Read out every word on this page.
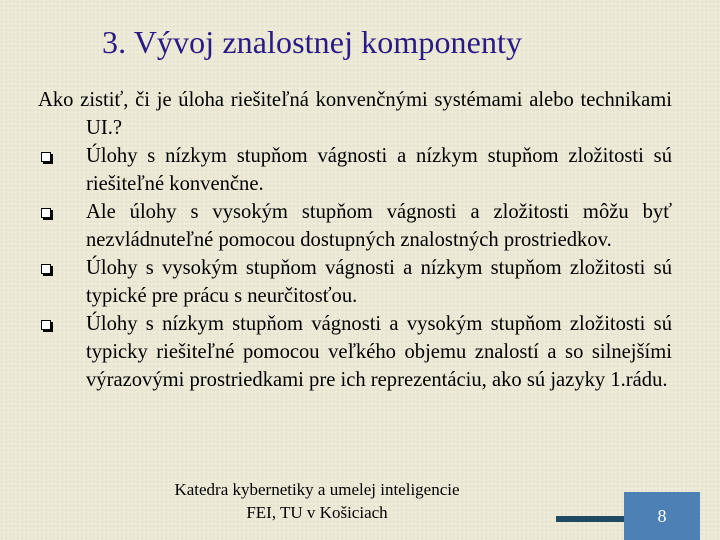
3. Vývoj znalostnej komponenty
Ako zistiť, či je úloha riešiteľná konvenčnými systémami alebo technikami UI.?
Úlohy s nízkym stupňom vágnosti a nízkym stupňom zložitosti sú riešiteľné konvenčne.
Ale úlohy s vysokým stupňom vágnosti a zložitosti môžu byť nezvládnuteľné pomocou dostupných znalostných prostriedkov.
Úlohy s vysokým stupňom vágnosti a nízkym stupňom zložitosti sú typické pre prácu s neurčitosťou.
Úlohy s nízkym stupňom vágnosti a vysokým stupňom zložitosti sú typicky riešiteľné pomocou veľkého objemu znalostí a so silnejšími výrazovými prostriedkami pre ich reprezentáciu, ako sú jazyky 1.rádu.
Katedra kybernetiky a umelej inteligencie
FEI, TU v Košiciach	8
